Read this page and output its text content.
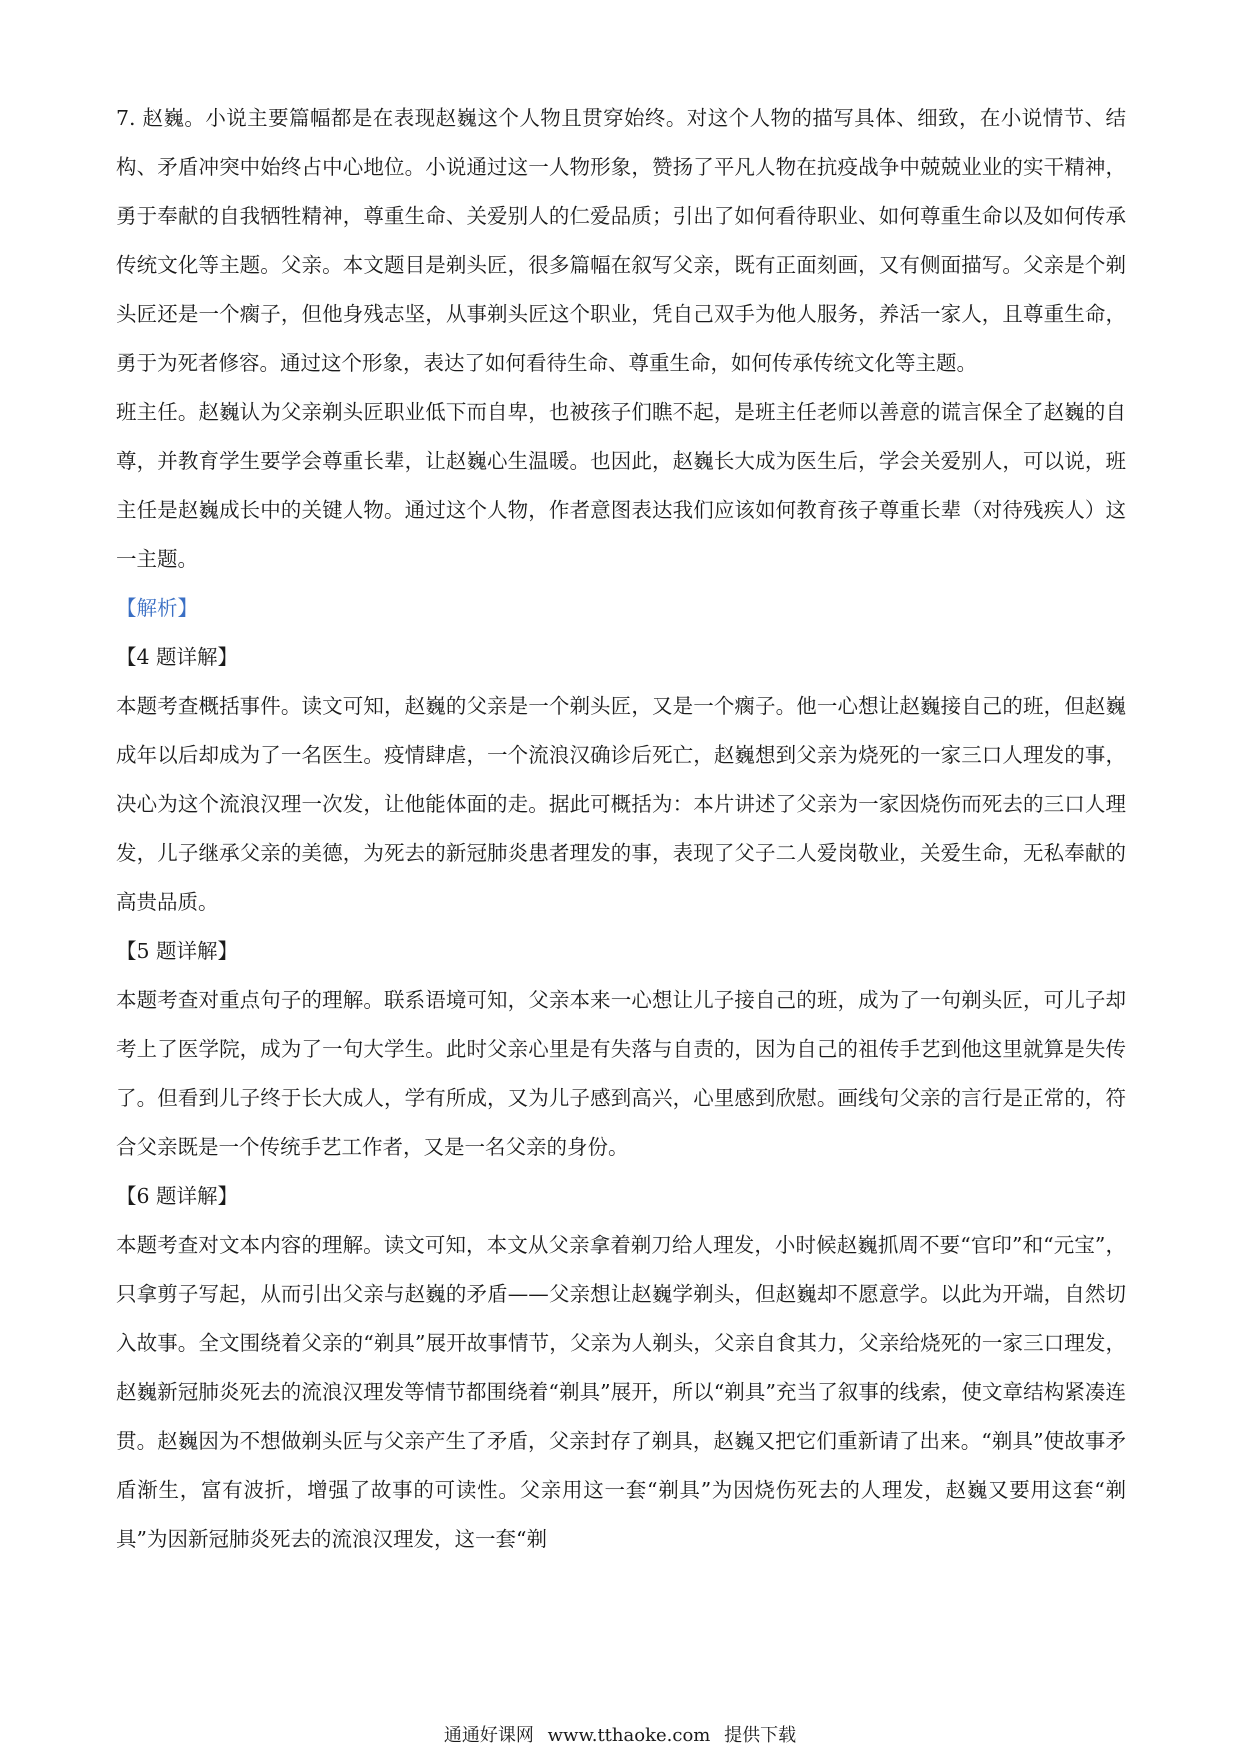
7. 赵巍。小说主要篇幅都是在表现赵巍这个人物且贯穿始终。对这个人物的描写具体、细致，在小说情节、结构、矛盾冲突中始终占中心地位。小说通过这一人物形象，赞扬了平凡人物在抗疫战争中兢兢业业的实干精神，勇于奉献的自我牺牲精神，尊重生命、关爱别人的仁爱品质；引出了如何看待职业、如何尊重生命以及如何传承传统文化等主题。父亲。本文题目是剃头匠，很多篇幅在叙写父亲，既有正面刻画，又有侧面描写。父亲是个剃头匠还是一个瘸子，但他身残志坚，从事剃头匠这个职业，凭自己双手为他人服务，养活一家人，且尊重生命，勇于为死者修容。通过这个形象，表达了如何看待生命、尊重生命，如何传承传统文化等主题。

班主任。赵巍认为父亲剃头匠职业低下而自卑，也被孩子们瞧不起，是班主任老师以善意的谎言保全了赵巍的自尊，并教育学生要学会尊重长辈，让赵巍心生温暖。也因此，赵巍长大成为医生后，学会关爱别人，可以说，班主任是赵巍成长中的关键人物。通过这个人物，作者意图表达我们应该如何教育孩子尊重长辈（对待残疾人）这一主题。

【解析】

【4 题详解】

本题考查概括事件。读文可知，赵巍的父亲是一个剃头匠，又是一个瘸子。他一心想让赵巍接自己的班，但赵巍成年以后却成为了一名医生。疫情肆虐，一个流浪汉确诊后死亡，赵巍想到父亲为烧死的一家三口人理发的事，决心为这个流浪汉理一次发，让他能体面的走。据此可概括为：本片讲述了父亲为一家因烧伤而死去的三口人理发，儿子继承父亲的美德，为死去的新冠肺炎患者理发的事，表现了父子二人爱岗敬业，关爱生命，无私奉献的高贵品质。

【5 题详解】

本题考查对重点句子的理解。联系语境可知，父亲本来一心想让儿子接自己的班，成为了一句剃头匠，可儿子却考上了医学院，成为了一句大学生。此时父亲心里是有失落与自责的，因为自己的祖传手艺到他这里就算是失传了。但看到儿子终于长大成人，学有所成，又为儿子感到高兴，心里感到欣慰。画线句父亲的言行是正常的，符合父亲既是一个传统手艺工作者，又是一名父亲的身份。

【6 题详解】

本题考查对文本内容的理解。读文可知，本文从父亲拿着剃刀给人理发，小时候赵巍抓周不要“官印”和“元宝”，只拿剪子写起，从而引出父亲与赵巍的矛盾——父亲想让赵巍学剃头，但赵巍却不愿意学。以此为开端，自然切入故事。全文围绕着父亲的“剃具”展开故事情节，父亲为人剃头，父亲自食其力，父亲给烧死的一家三口理发，赵巍新冠肺炎死去的流浪汉理发等情节都围绕着“剃具”展开，所以“剃具”充当了叙事的线索，使文章结构紧凑连贯。赵巍因为不想做剃头匠与父亲产生了矛盾，父亲封存了剃具，赵巍又把它们重新请了出来。“剃具”使故事矛盾渐生，富有波折，增强了故事的可读性。父亲用这一套“剃具”为因烧伤死去的人理发，赵巍又要用这套“剃具”为因新冠肺炎死去的流浪汉理发，这一套“剃

通通好课网 www.tthaoke.com 提供下载
